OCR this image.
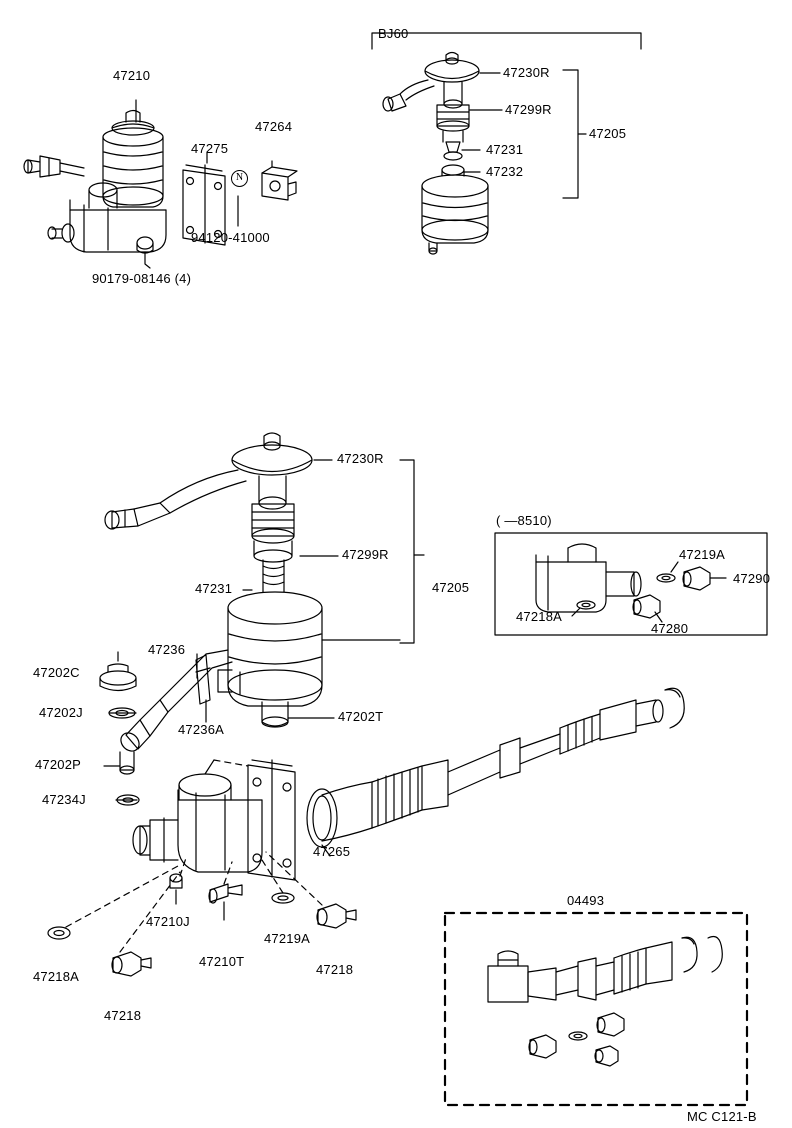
47210
47275
47264
94120-41000
90179-08146 (4)
N
BJ60
47230R
47299R
47231
47232
47205
47230R
47299R
47231	47205
47236
47236A
47202C
47202J
47202P
47202T
47234J
47265
47210J
47210T
47219A
47218
47218
47218A
( —8510)
47219A
47290
47280
47218A
04493
MC C121-B
